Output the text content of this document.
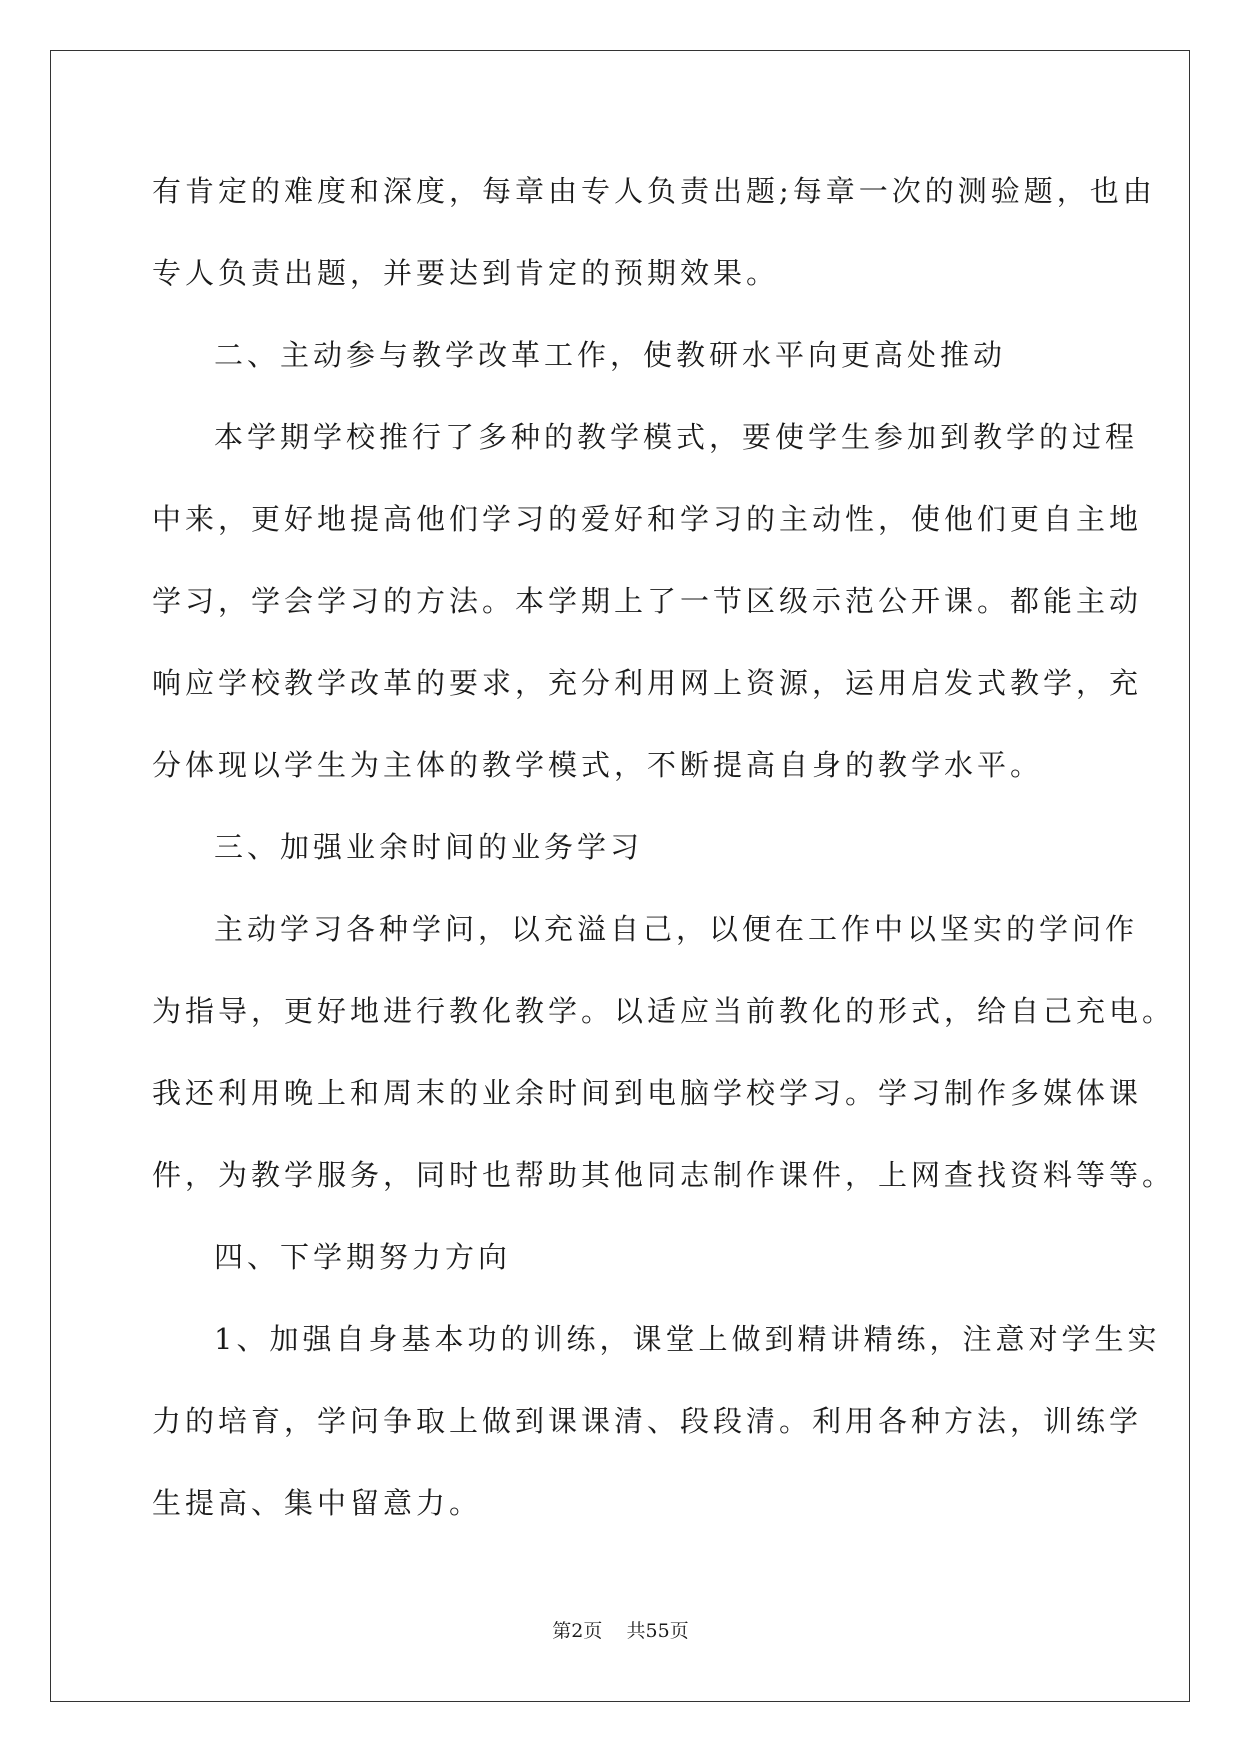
有肯定的难度和深度，每章由专人负责出题;每章一次的测验题，也由

专人负责出题，并要达到肯定的预期效果。

二、主动参与教学改革工作，使教研水平向更高处推动

本学期学校推行了多种的教学模式，要使学生参加到教学的过程

中来，更好地提高他们学习的爱好和学习的主动性，使他们更自主地

学习，学会学习的方法。本学期上了一节区级示范公开课。都能主动

响应学校教学改革的要求，充分利用网上资源，运用启发式教学，充

分体现以学生为主体的教学模式，不断提高自身的教学水平。

三、加强业余时间的业务学习

主动学习各种学问，以充溢自己，以便在工作中以坚实的学问作

为指导，更好地进行教化教学。以适应当前教化的形式，给自己充电。

我还利用晚上和周末的业余时间到电脑学校学习。学习制作多媒体课

件，为教学服务，同时也帮助其他同志制作课件，上网查找资料等等。

四、下学期努力方向

1、加强自身基本功的训练，课堂上做到精讲精练，注意对学生实

力的培育，学问争取上做到课课清、段段清。利用各种方法，训练学

生提高、集中留意力。

第2页 共55页
